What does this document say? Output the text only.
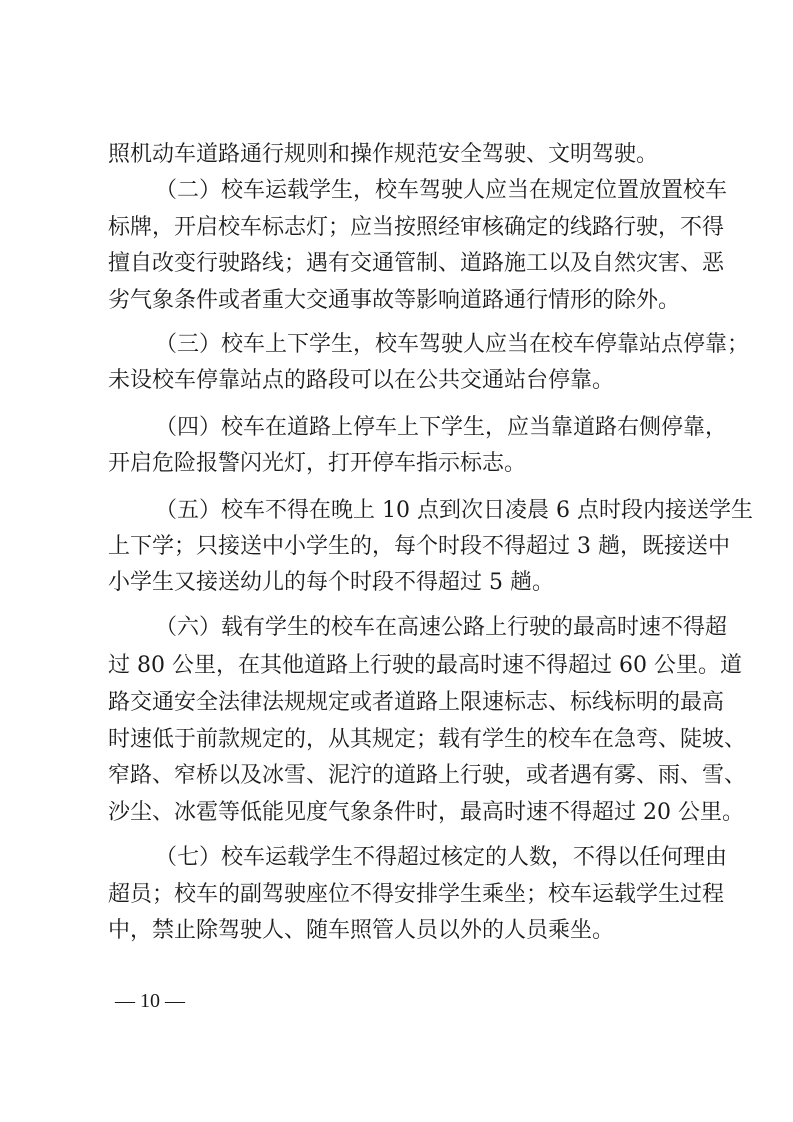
照机动车道路通行规则和操作规范安全驾驶、文明驾驶。
（二）校车运载学生，校车驾驶人应当在规定位置放置校车
标牌，开启校车标志灯；应当按照经审核确定的线路行驶，不得
擅自改变行驶路线；遇有交通管制、道路施工以及自然灾害、恶
劣气象条件或者重大交通事故等影响道路通行情形的除外。
（三）校车上下学生，校车驾驶人应当在校车停靠站点停靠；
未设校车停靠站点的路段可以在公共交通站台停靠。
（四）校车在道路上停车上下学生，应当靠道路右侧停靠，
开启危险报警闪光灯，打开停车指示标志。
（五）校车不得在晚上 10 点到次日凌晨 6 点时段内接送学生
上下学；只接送中小学生的，每个时段不得超过 3 趟，既接送中
小学生又接送幼儿的每个时段不得超过 5 趟。
（六）载有学生的校车在高速公路上行驶的最高时速不得超
过 80 公里，在其他道路上行驶的最高时速不得超过 60 公里。道
路交通安全法律法规规定或者道路上限速标志、标线标明的最高
时速低于前款规定的，从其规定；载有学生的校车在急弯、陡坡、
窄路、窄桥以及冰雪、泥泞的道路上行驶，或者遇有雾、雨、雪、
沙尘、冰雹等低能见度气象条件时，最高时速不得超过 20 公里。
（七）校车运载学生不得超过核定的人数，不得以任何理由
超员；校车的副驾驶座位不得安排学生乘坐；校车运载学生过程
中，禁止除驾驶人、随车照管人员以外的人员乘坐。
— 10 —
